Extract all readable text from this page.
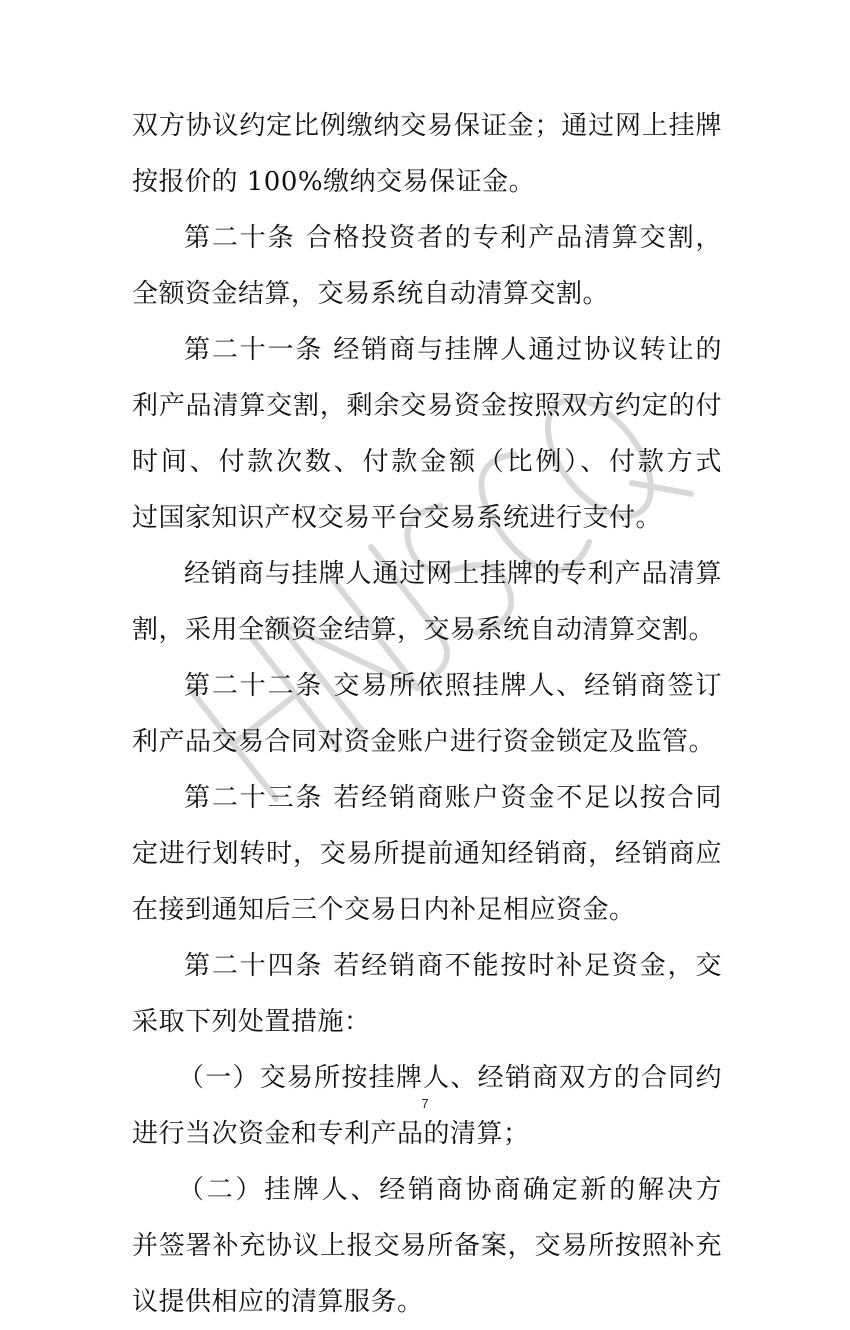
双方协议约定比例缴纳交易保证金；通过网上挂牌
按报价的 100%缴纳交易保证金。
第二十条 合格投资者的专利产品清算交割，
全额资金结算，交易系统自动清算交割。
第二十一条 经销商与挂牌人通过协议转让的
利产品清算交割，剩余交易资金按照双方约定的付
时间、付款次数、付款金额（比例）、付款方式
过国家知识产权交易平台交易系统进行支付。
经销商与挂牌人通过网上挂牌的专利产品清算
割，采用全额资金结算，交易系统自动清算交割。
第二十二条 交易所依照挂牌人、经销商签订
利产品交易合同对资金账户进行资金锁定及监管。
第二十三条 若经销商账户资金不足以按合同
定进行划转时，交易所提前通知经销商，经销商应
在接到通知后三个交易日内补足相应资金。
第二十四条 若经销商不能按时补足资金，交
采取下列处置措施：
（一）交易所按挂牌人、经销商双方的合同约
进行当次资金和专利产品的清算；
（二）挂牌人、经销商协商确定新的解决方
并签署补充协议上报交易所备案，交易所按照补充
议提供相应的清算服务。
7
